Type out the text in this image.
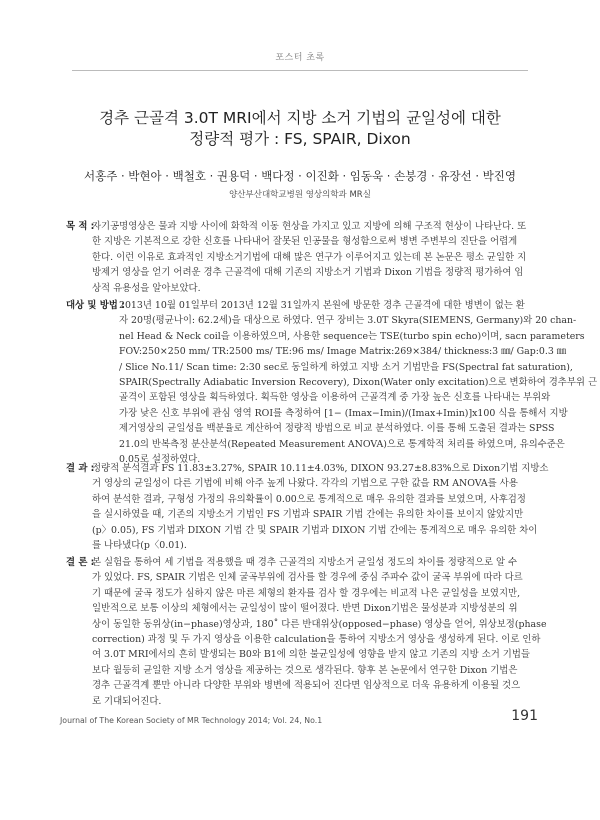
포스터 초록
경추 근골격 3.0T MRI에서 지방 소거 기법의 균일성에 대한
정량적 평가 : FS, SPAIR, Dixon
서홍주 · 박현아 · 백철호 · 권용덕 · 백다정 · 이진화 · 임동욱 · 손붕경 · 유장선 · 박진영
양산부산대학교병원 영상의학과 MR실
목 적 :
자기공명영상은 물과 지방 사이에 화학적 이동 현상을 가지고 있고 지방에 의해 구조적 현상이 나타난다. 또
한 지방은 기본적으로 강한 신호를 나타내어 잘못된 인공물을 형성함으로써 병변 주변부의 진단을 어렵게
한다. 이런 이유로 효과적인 지방소거기법에 대해 많은 연구가 이루어지고 있는데 본 논문은 평소 균일한 지
방제거 영상을 얻기 어려운 경추 근골격에 대해 기존의 지방소거 기법과 Dixon 기법을 정량적 평가하여 임
상적 유용성을 알아보았다.
대상 및 방법 :
2013년 10월 01일부터 2013년 12월 31일까지 본원에 방문한 경추 근골격에 대한 병변이 없는 환
자 20명(평균나이: 62.2세)을 대상으로 하였다. 연구 장비는 3.0T Skyra(SIEMENS, Germany)와 20 chan-
nel Head & Neck coil을 이용하였으며, 사용한 sequence는 TSE(turbo spin echo)이며, sacn parameters
FOV:250×250 mm/ TR:2500 ms/ TE:96 ms/ Image Matrix:269×384/ thickness:3 ㎜/ Gap:0.3 ㎜
/ Slice No.11/ Scan time: 2:30 sec로 동일하게 하였고 지방 소거 기법만을 FS(Spectral fat saturation),
SPAIR(Spectrally Adiabatic Inversion Recovery), Dixon(Water only excitation)으로 변화하여 경추부위 근
골격이 포함된 영상을 획득하였다. 획득한 영상을 이용하여 근골격계 중 가장 높은 신호를 나타내는 부위와
가장 낮은 신호 부위에 관심 영역 ROI를 측정하여 [1− (Imax−Imin)/(Imax+Imin)]x100 식을 통해서 지방
제거영상의 균일성을 백분율로 계산하여 정량적 방법으로 비교 분석하였다. 이를 통해 도출된 결과는 SPSS
21.0의 반복측정 분산분석(Repeated Measurement ANOVA)으로 통계학적 처리를 하였으며, 유의수준은
0.05로 설정하였다.
결 과 :
정량적 분석결과 FS 11.83±3.27%, SPAIR 10.11±4.03%, DIXON 93.27±8.83%으로 Dixon기법 지방소
거 영상의 균일성이 다른 기법에 비해 아주 높게 나왔다. 각각의 기법으로 구한 값을 RM ANOVA를 사용
하여 분석한 결과, 구형성 가정의 유의확률이 0.00으로 통계적으로 매우 유의한 결과를 보였으며, 사후검정
을 실시하였을 때, 기존의 지방소거 기법인 FS 기법과 SPAIR 기법 간에는 유의한 차이를 보이지 않았지만
(p〉0.05), FS 기법과 DIXON 기법 간 및 SPAIR 기법과 DIXON 기법 간에는 통계적으로 매우 유의한 차이
를 나타냈다(p〈0.01).
결 론 :
본 실험을 통하여 세 기법을 적용했을 때 경추 근골격의 지방소거 균일성 정도의 차이를 정량적으로 알 수
가 있었다. FS, SPAIR 기법은 인체 굴곡부위에 검사를 할 경우에 중심 주파수 값이 굴곡 부위에 따라 다르
기 때문에 굴곡 정도가 심하지 않은 마른 체형의 환자를 검사 할 경우에는 비교적 나은 균일성을 보였지만,
일반적으로 보통 이상의 체형에서는 균일성이 많이 떨어졌다. 반면 Dixon기법은 물성분과 지방성분의 위
상이 동일한 동위상(in−phase)영상과, 180˚ 다른 반대위상(opposed−phase) 영상을 얻어, 위상보정(phase
correction) 과정 및 두 가지 영상을 이용한 calculation을 통하여 지방소거 영상을 생성하게 된다. 이로 인하
여 3.0T MRI에서의 흔히 발생되는 B0와 B1에 의한 불균일성에 영향을 받지 않고 기존의 지방 소거 기법들
보다 월등히 균일한 지방 소거 영상을 제공하는 것으로 생각된다. 향후 본 논문에서 연구한 Dixon 기법은
경추 근골격계 뿐만 아니라 다양한 부위와 병변에 적용되어 진다면 임상적으로 더욱 유용하게 이용될 것으
로 기대되어진다.
Journal of The Korean Society of MR Technology 2014; Vol. 24, No.1	191
